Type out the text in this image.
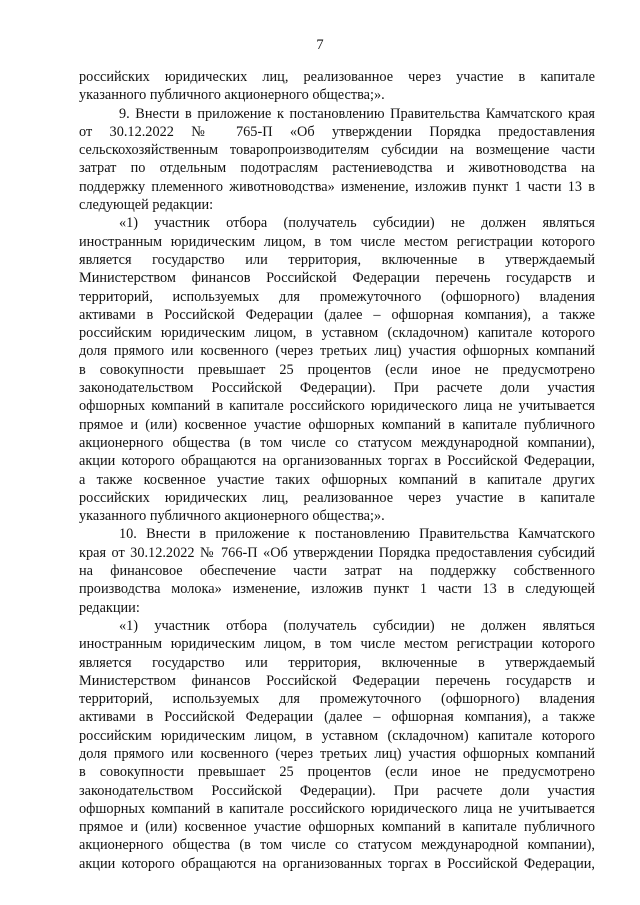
7
российских юридических лиц, реализованное через участие в капитале
указанного публичного акционерного общества;».
9. Внести в приложение к постановлению Правительства Камчатского края
от 30.12.2022 № 765-П «Об утверждении Порядка предоставления
сельскохозяйственным товаропроизводителям субсидии на возмещение части
затрат по отдельным подотраслям растениеводства и животноводства на
поддержку племенного животноводства» изменение, изложив пункт 1 части 13 в
следующей редакции:
«1) участник отбора (получатель субсидии) не должен являться
иностранным юридическим лицом, в том числе местом регистрации которого
является государство или территория, включенные в утверждаемый
Министерством финансов Российской Федерации перечень государств и
территорий, используемых для промежуточного (офшорного) владения
активами в Российской Федерации (далее – офшорная компания), а также
российским юридическим лицом, в уставном (складочном) капитале которого
доля прямого или косвенного (через третьих лиц) участия офшорных компаний
в совокупности превышает 25 процентов (если иное не предусмотрено
законодательством Российской Федерации). При расчете доли участия
офшорных компаний в капитале российского юридического лица не учитывается
прямое и (или) косвенное участие офшорных компаний в капитале публичного
акционерного общества (в том числе со статусом международной компании),
акции которого обращаются на организованных торгах в Российской Федерации,
а также косвенное участие таких офшорных компаний в капитале других
российских юридических лиц, реализованное через участие в капитале
указанного публичного акционерного общества;».
10. Внести в приложение к постановлению Правительства Камчатского
края от 30.12.2022 № 766-П «Об утверждении Порядка предоставления субсидий
на финансовое обеспечение части затрат на поддержку собственного
производства молока» изменение, изложив пункт 1 части 13 в следующей
редакции:
«1) участник отбора (получатель субсидии) не должен являться
иностранным юридическим лицом, в том числе местом регистрации которого
является государство или территория, включенные в утверждаемый
Министерством финансов Российской Федерации перечень государств и
территорий, используемых для промежуточного (офшорного) владения
активами в Российской Федерации (далее – офшорная компания), а также
российским юридическим лицом, в уставном (складочном) капитале которого
доля прямого или косвенного (через третьих лиц) участия офшорных компаний
в совокупности превышает 25 процентов (если иное не предусмотрено
законодательством Российской Федерации). При расчете доли участия
офшорных компаний в капитале российского юридического лица не учитывается
прямое и (или) косвенное участие офшорных компаний в капитале публичного
акционерного общества (в том числе со статусом международной компании),
акции которого обращаются на организованных торгах в Российской Федерации,
